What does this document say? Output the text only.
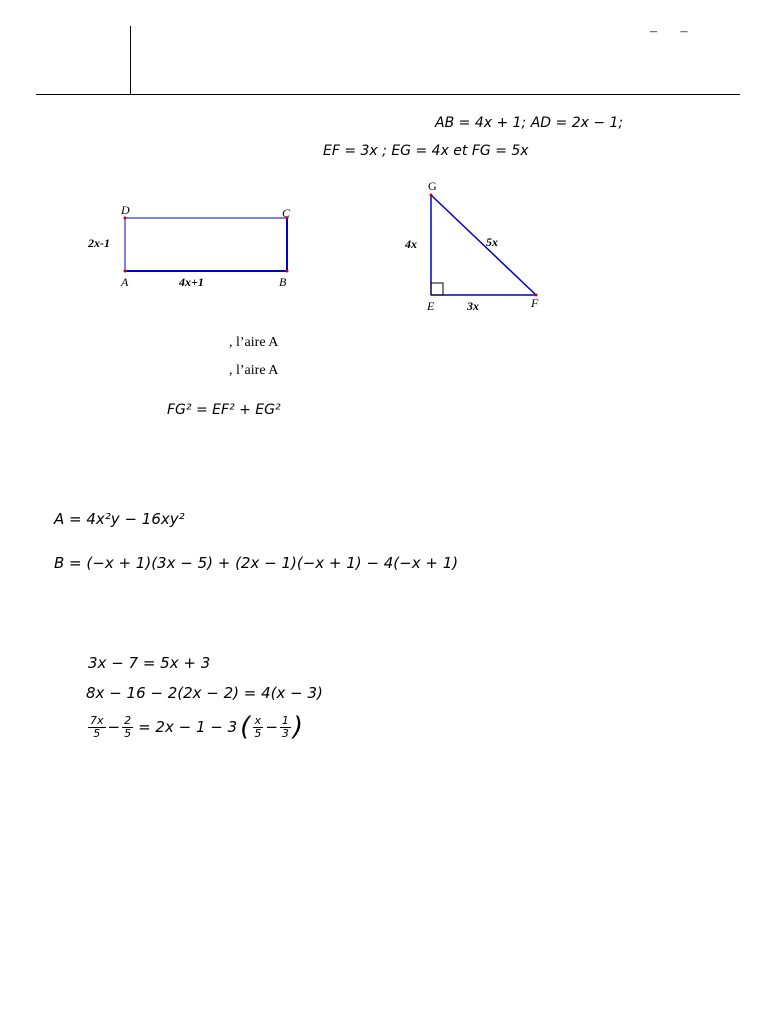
– –
AB = 4x + 1; AD = 2x − 1;
EF = 3x ; EG = 4x et FG = 5x
D	C
A	B
2x-1
4x+1
G
E	F
4x
3x
5x
, l’aire A
, l’aire A
FG² = EF² + EG²
A = 4x²y − 16xy²
B = (−x + 1)(3x − 5) + (2x − 1)(−x + 1) − 4(−x + 1)
3x − 7 = 5x + 3
8x − 16 − 2(2x − 2) = 4(x − 3)
$\frac{7x}{5} - \frac{2}{5} = 2x - 1 - 3$ ( $\frac{x}{5} - \frac{1}{3}$ )
